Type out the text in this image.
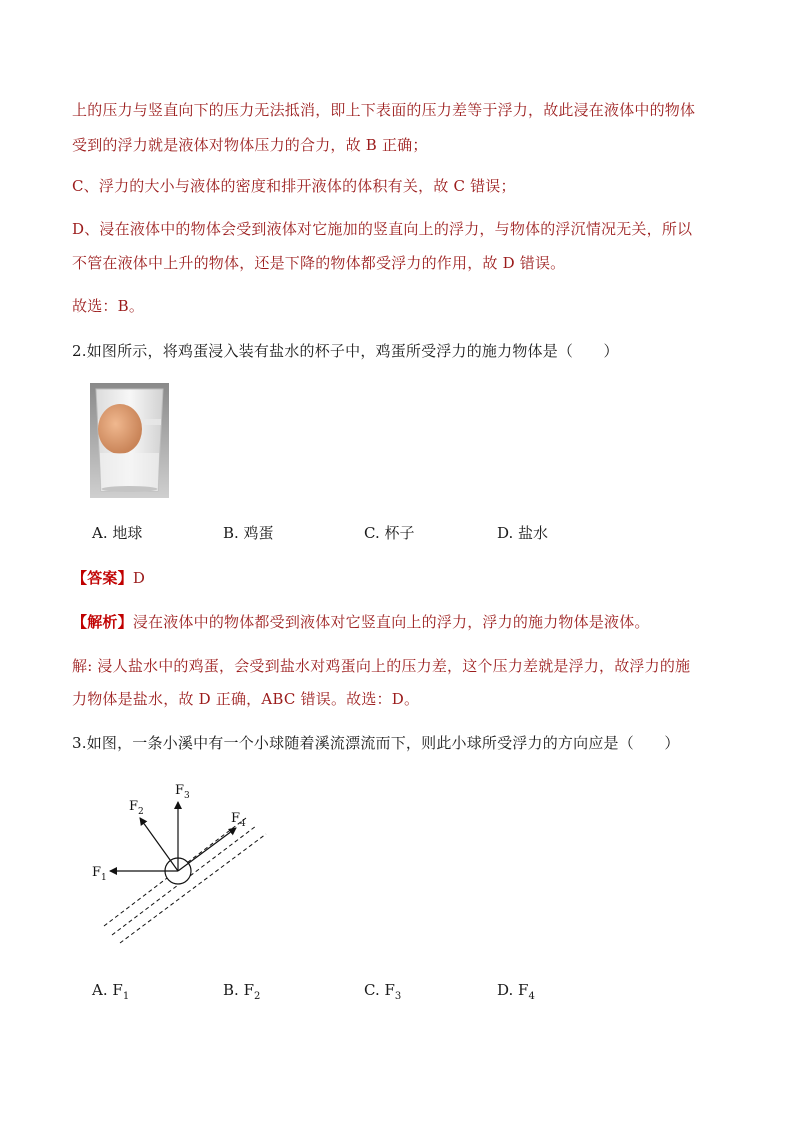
上的压力与竖直向下的压力无法抵消，即上下表面的压力差等于浮力，故此浸在液体中的物体
受到的浮力就是液体对物体压力的合力，故 B 正确；
C、浮力的大小与液体的密度和排开液体的体积有关，故 C 错误；
D、浸在液体中的物体会受到液体对它施加的竖直向上的浮力，与物体的浮沉情况无关，所以
不管在液体中上升的物体，还是下降的物体都受浮力的作用，故 D 错误。
故选：B。
2.如图所示，将鸡蛋浸入装有盐水的杯子中，鸡蛋所受浮力的施力物体是（　　）
A. 地球	B. 鸡蛋	C. 杯子	D. 盐水
【答案】D
【解析】浸在液体中的物体都受到液体对它竖直向上的浮力，浮力的施力物体是液体。
解: 浸人盐水中的鸡蛋，会受到盐水对鸡蛋向上的压力差，这个压力差就是浮力，故浮力的施
力物体是盐水，故 D 正确，ABC 错误。故选：D。
3.如图，一条小溪中有一个小球随着溪流漂流而下，则此小球所受浮力的方向应是（　　）
$F_1$
$F_2$
$F_3$
$F_4$
A. $F_1$	B. $F_2$	C. $F_3$	D. $F_4$
